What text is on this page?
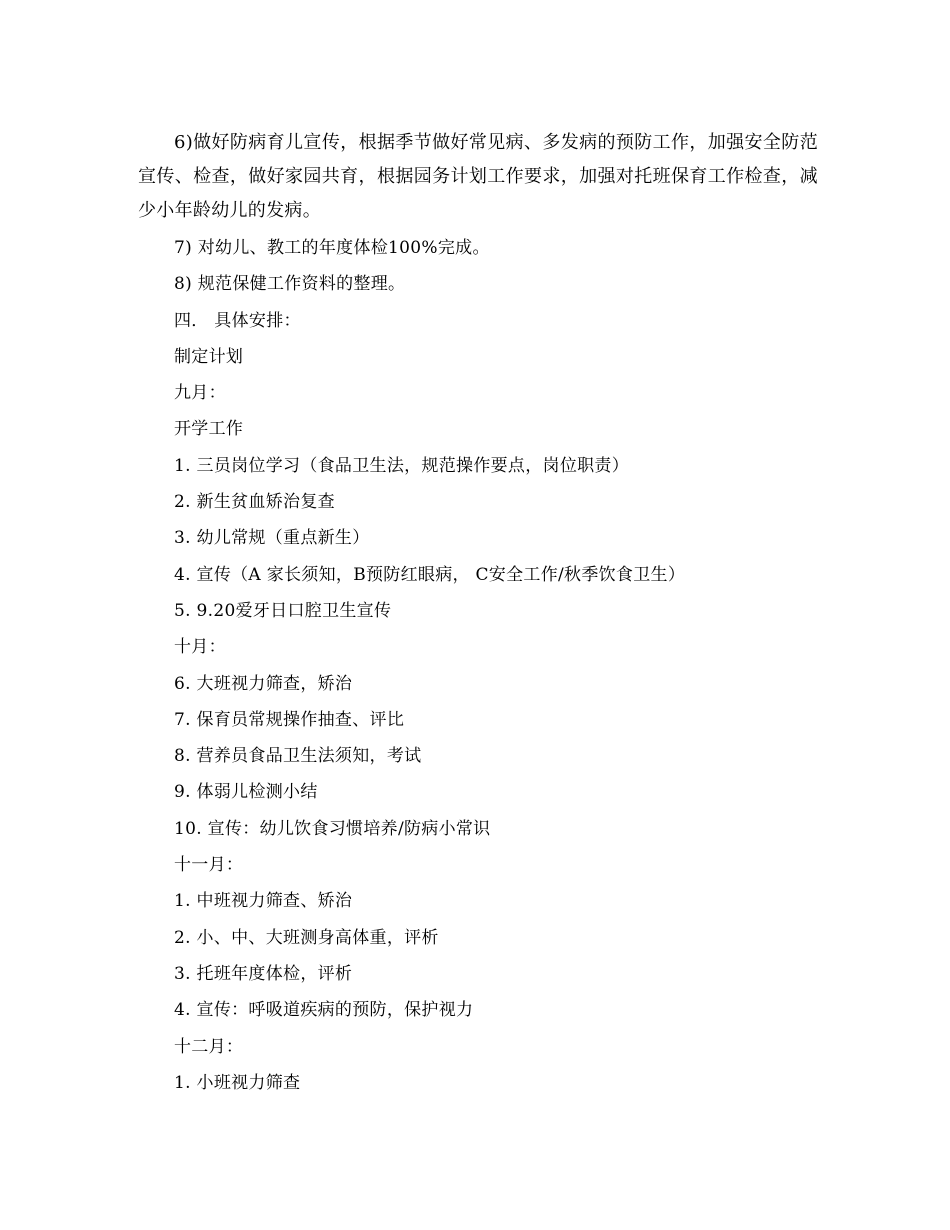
6)做好防病育儿宣传，根据季节做好常见病、多发病的预防工作，加强安全防范宣传、检查，做好家园共育，根据园务计划工作要求，加强对托班保育工作检查，减少小年龄幼儿的发病。

7) 对幼儿、教工的年度体检100%完成。

8) 规范保健工作资料的整理。

四． 具体安排：

制定计划

九月：

开学工作

1. 三员岗位学习（食品卫生法，规范操作要点，岗位职责）

2. 新生贫血矫治复查

3. 幼儿常规（重点新生）

4. 宣传（A 家长须知，B预防红眼病， C安全工作/秋季饮食卫生）

5. 9.20爱牙日口腔卫生宣传

十月：

6. 大班视力筛查，矫治

7. 保育员常规操作抽查、评比

8. 营养员食品卫生法须知，考试

9. 体弱儿检测小结

10. 宣传：幼儿饮食习惯培养/防病小常识

十一月：

1. 中班视力筛查、矫治

2. 小、中、大班测身高体重，评析

3. 托班年度体检，评析

4. 宣传：呼吸道疾病的预防，保护视力

十二月：

1. 小班视力筛查
